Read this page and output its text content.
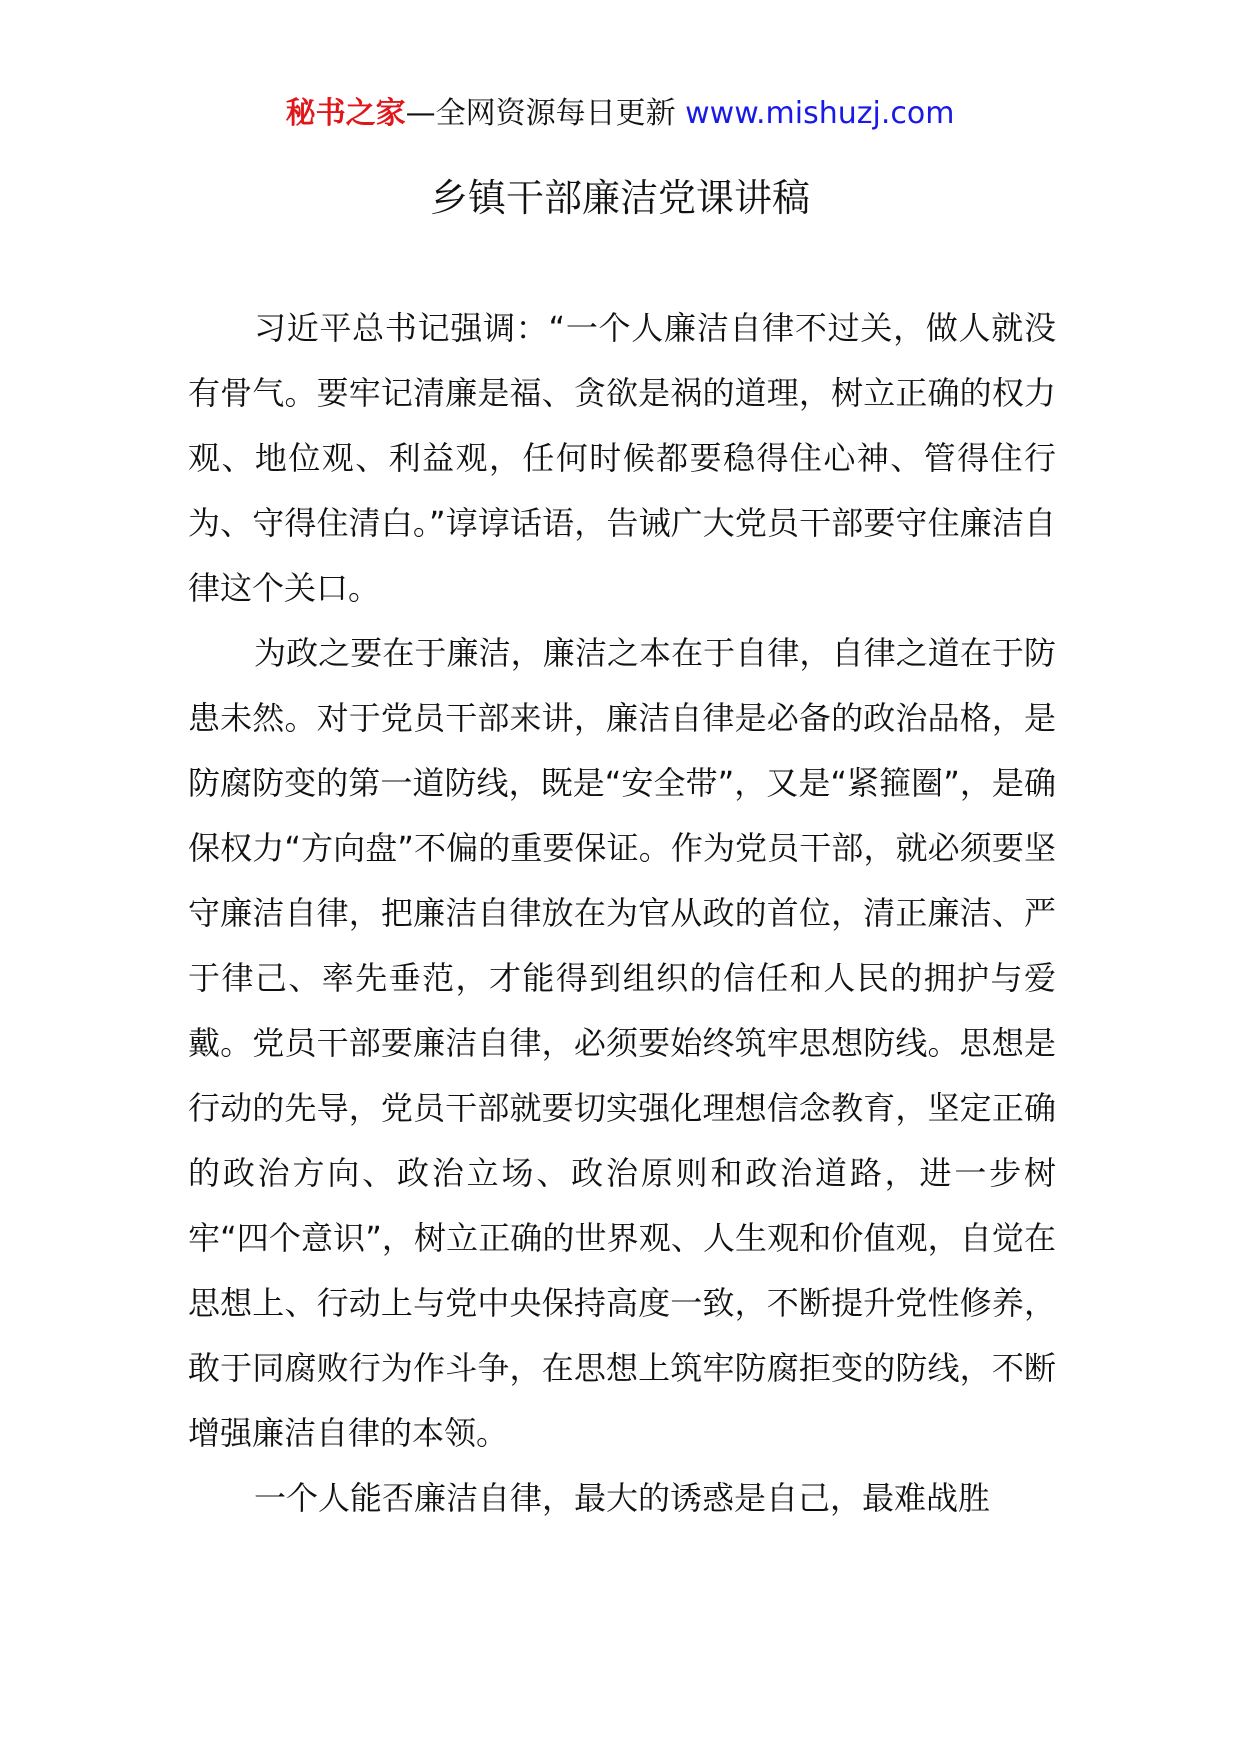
秘书之家—全网资源每日更新 www.mishuzj.com
乡镇干部廉洁党课讲稿

习近平总书记强调：“一个人廉洁自律不过关，做人就没有骨气。要牢记清廉是福、贪欲是祸的道理，树立正确的权力观、地位观、利益观，任何时候都要稳得住心神、管得住行为、守得住清白。”谆谆话语，告诫广大党员干部要守住廉洁自律这个关口。

为政之要在于廉洁，廉洁之本在于自律，自律之道在于防患未然。对于党员干部来讲，廉洁自律是必备的政治品格，是防腐防变的第一道防线，既是“安全带”，又是“紧箍圈”，是确保权力“方向盘”不偏的重要保证。作为党员干部，就必须要坚守廉洁自律，把廉洁自律放在为官从政的首位，清正廉洁、严于律己、率先垂范，才能得到组织的信任和人民的拥护与爱戴。党员干部要廉洁自律，必须要始终筑牢思想防线。思想是行动的先导，党员干部就要切实强化理想信念教育，坚定正确的政治方向、政治立场、政治原则和政治道路，进一步树牢“四个意识”，树立正确的世界观、人生观和价值观，自觉在思想上、行动上与党中央保持高度一致，不断提升党性修养，敢于同腐败行为作斗争，在思想上筑牢防腐拒变的防线，不断增强廉洁自律的本领。

一个人能否廉洁自律，最大的诱惑是自己，最难战胜
